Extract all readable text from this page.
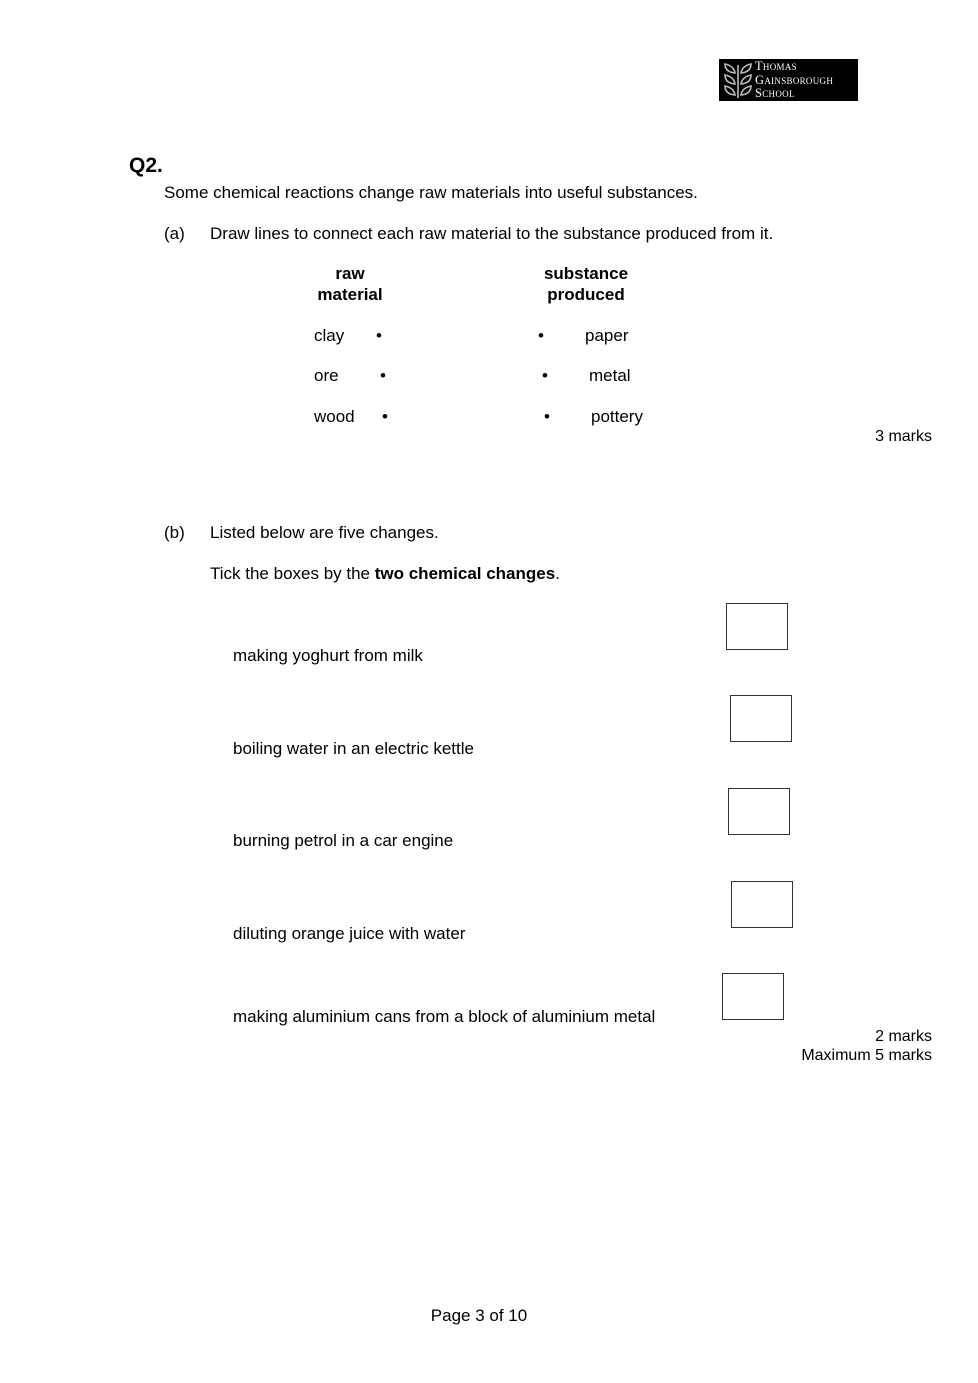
Thomas
Gainsborough
School
Q2.
Some chemical reactions change raw materials into useful substances.
(a) Draw lines to connect each raw material to the substance produced from it.
raw
material
substance
produced
clay
ore
wood
•
•
•
•
•
•
paper
metal
pottery
3 marks
(b) Listed below are five changes.
Tick the boxes by the two chemical changes.
making yoghurt from milk
boiling water in an electric kettle
burning petrol in a car engine
diluting orange juice with water
making aluminium cans from a block of aluminium metal
2 marks
Maximum 5 marks
Page 3 of 10
